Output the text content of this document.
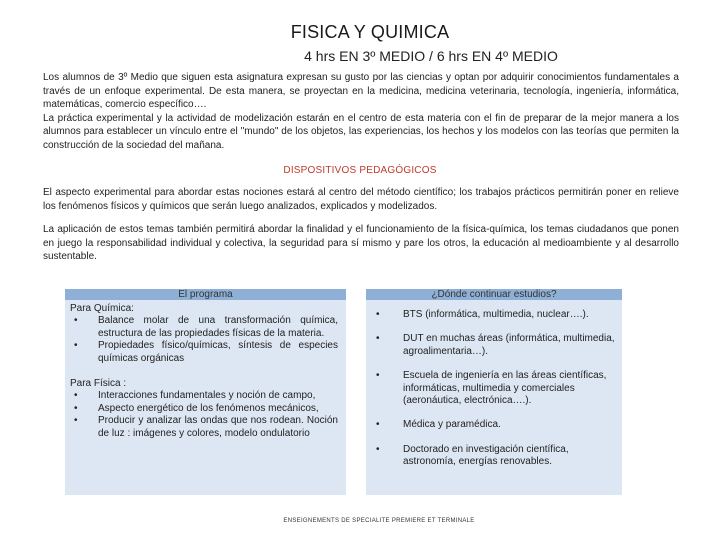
FISICA Y QUIMICA
4 hrs EN 3º MEDIO / 6 hrs EN 4º MEDIO

Los alumnos de 3º Medio que siguen esta asignatura expresan su gusto por las ciencias y optan por adquirir conocimientos fundamentales a través de un enfoque experimental. De esta manera, se proyectan en la medicina, medicina veterinaria, tecnología, ingeniería, informática, matemáticas, comercio específico….

La práctica experimental y la actividad de modelización estarán en el centro de esta materia con el fin de preparar de la mejor manera a los alumnos para establecer un vínculo entre el "mundo" de los objetos, las experiencias, los hechos y los modelos con las teorías que permiten la construcción de la sociedad del mañana.

DISPOSITIVOS PEDAGÓGICOS
El aspecto experimental para abordar estas nociones estará al centro del método científico; los trabajos prácticos permitirán poner en relieve los fenómenos físicos y químicos que serán luego analizados, explicados y modelizados.
La aplicación de estos temas también permitirá abordar la finalidad y el funcionamiento de la física-química, los temas ciudadanos que ponen en juego la responsabilidad individual y colectiva, la seguridad para sí mismo y pare los otros, la educación al medioambiente y al desarrollo sustentable.
El programa

Para Química:

• Balance molar de una transformación química, estructura de las propiedades físicas de la materia.
• Propiedades físico/químicas, síntesis de especies químicas orgánicas

Para Física :

• Interacciones fundamentales y noción de campo,
• Aspecto energético de los fenómenos mecánicos,
• Producir y analizar las ondas que nos rodean. Noción de luz : imágenes y colores, modelo ondulatorio
¿Dónde continuar estudios?
• BTS (informática, multimedia, nuclear….).
• DUT en muchas áreas (informática, multimedia, agroalimentaria…).
• Escuela de ingeniería en las áreas científicas, informáticas, multimedia y comerciales (aeronáutica, electrónica….).
• Médica y paramédica.
• Doctorado en investigación científica, astronomía, energías renovables.
ENSEIGNEMENTS DE SPECIALITE PREMIERE ET TERMINALE
